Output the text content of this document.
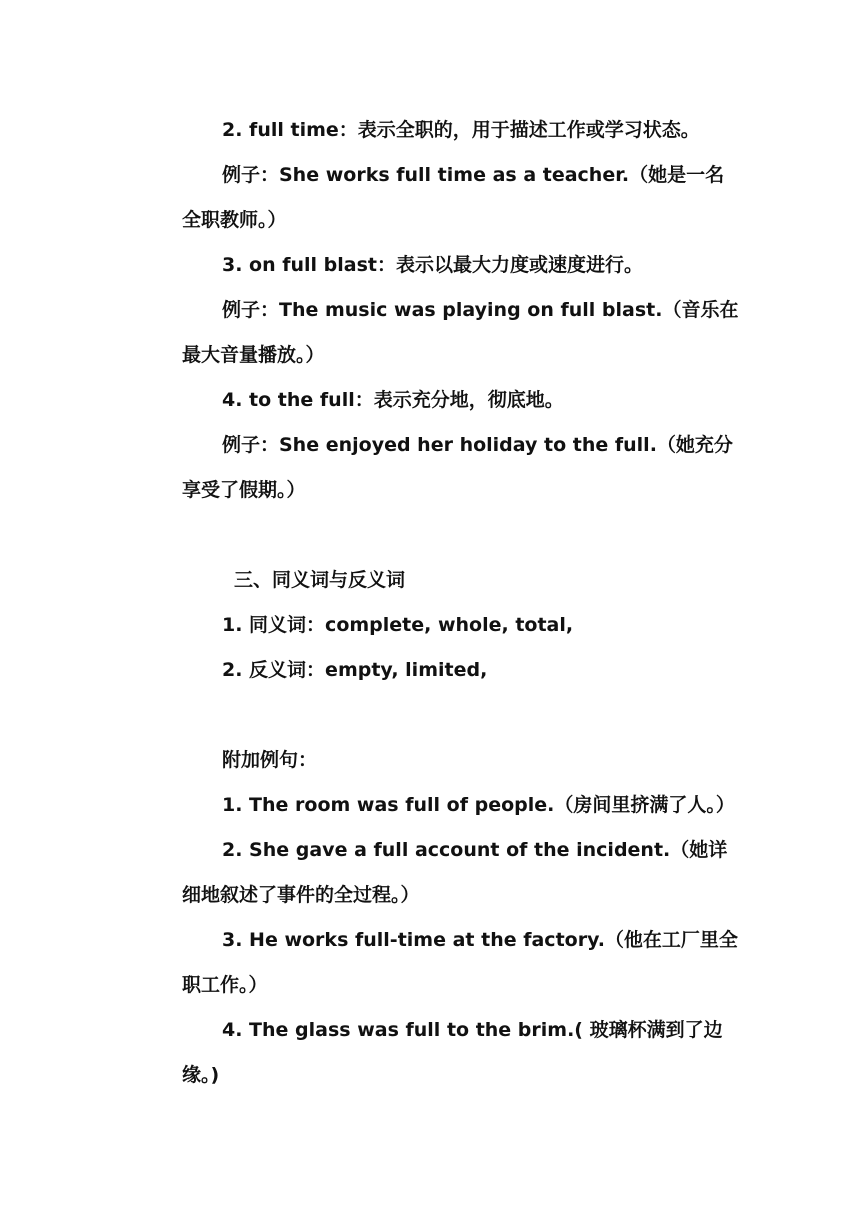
2. full time：表示全职的，用于描述工作或学习状态。

例子：She works full time as a teacher.（她是一名全职教师。）

3. on full blast：表示以最大力度或速度进行。

例子：The music was playing on full blast.（音乐在最大音量播放。）

4. to the full：表示充分地，彻底地。

例子：She enjoyed her holiday to the full.（她充分享受了假期。）

三、同义词与反义词

1. 同义词：complete, whole, total,

2. 反义词：empty, limited,

附加例句：

1. The room was full of people.（房间里挤满了人。）

2. She gave a full account of the incident.（她详细地叙述了事件的全过程。）

3. He works full-time at the factory.（他在工厂里全职工作。）

4. The glass was full to the brim.( 玻璃杯满到了边缘。)
